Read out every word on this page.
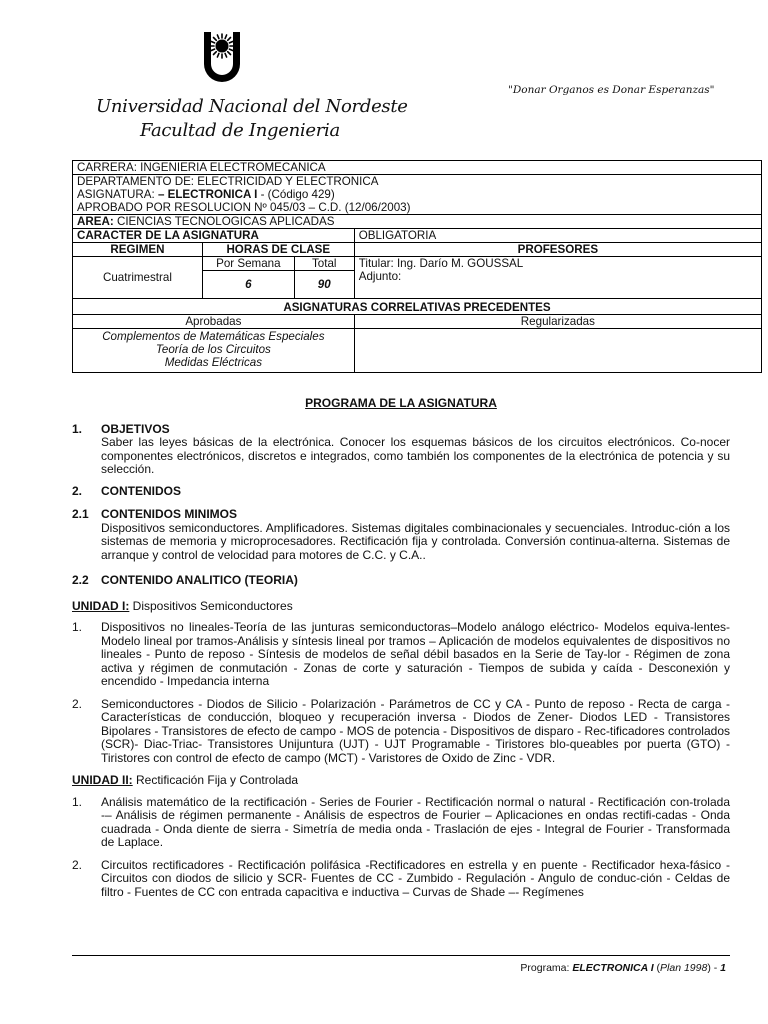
"Donar Organos es Donar Esperanzas"
Universidad Nacional del Nordeste
Facultad de Ingenieria
CARRERA: INGENIERIA ELECTROMECANICA			

DEPARTAMENTO DE: ELECTRICIDAD Y ELECTRONICA
ASIGNATURA: – ELECTRONICA I - (Código 429)
APROBADO POR RESOLUCION Nº 045/03 – C.D. (12/06/2003)			

AREA: CIENCIAS TECNOLOGICAS APLICADAS			
CARACTER DE LA ASIGNATURA			OBLIGATORIA
REGIMEN	HORAS DE CLASE		PROFESORES
Cuatrimestral	Por Semana	Total	Titular: Ing. Darío M. GOUSSAL
Adjunto:

	6	90	
ASIGNATURAS CORRELATIVAS PRECEDENTES			
Aprobadas			Regularizadas

Complementos de Matemáticas Especiales
Teoría de los Circuitos
Medidas Eléctricas			

PROGRAMA DE LA ASIGNATURA
1.	OBJETIVOS
Saber las leyes básicas de la electrónica. Conocer los esquemas básicos de los circuitos electrónicos. Co-nocer componentes electrónicos, discretos e integrados, como también los componentes de la electrónica de potencia y su selección.
2.	CONTENIDOS
2.1	CONTENIDOS MINIMOS
Dispositivos semiconductores. Amplificadores. Sistemas digitales combinacionales y secuenciales. Introduc-ción a los sistemas de memoria y microprocesadores. Rectificación fija y controlada. Conversión continua-alterna. Sistemas de arranque y control de velocidad para motores de C.C. y C.A..
2.2	CONTENIDO ANALITICO (TEORIA)
UNIDAD I: Dispositivos Semiconductores
1.	Dispositivos no lineales-Teoría de las junturas semiconductoras–Modelo análogo eléctrico- Modelos equiva-lentes-Modelo lineal por tramos-Análisis y síntesis lineal por tramos – Aplicación de modelos equivalentes de dispositivos no lineales - Punto de reposo - Síntesis de modelos de señal débil basados en la Serie de Tay-lor - Régimen de zona activa y régimen de conmutación - Zonas de corte y saturación - Tiempos de subida y caída - Desconexión y encendido - Impedancia interna
2.	Semiconductores - Diodos de Silicio - Polarización - Parámetros de CC y CA - Punto de reposo - Recta de carga - Características de conducción, bloqueo y recuperación inversa - Diodos de Zener- Diodos LED - Transistores Bipolares - Transistores de efecto de campo - MOS de potencia - Dispositivos de disparo - Rec-tificadores controlados (SCR)- Diac-Triac- Transistores Unijuntura (UJT) - UJT Programable - Tiristores blo-queables por puerta (GTO) - Tiristores con control de efecto de campo (MCT) - Varistores de Oxido de Zinc - VDR.
UNIDAD II: Rectificación Fija y Controlada
1.	Análisis matemático de la rectificación - Series de Fourier - Rectificación normal o natural - Rectificación con-trolada -– Análisis de régimen permanente - Análisis de espectros de Fourier – Aplicaciones en ondas rectifi-cadas - Onda cuadrada - Onda diente de sierra - Simetría de media onda - Traslación de ejes - Integral de Fourier - Transformada de Laplace.
2.	Circuitos rectificadores - Rectificación polifásica -Rectificadores en estrella y en puente - Rectificador hexa-fásico - Circuitos con diodos de silicio y SCR- Fuentes de CC - Zumbido - Regulación - Angulo de conduc-ción - Celdas de filtro - Fuentes de CC con entrada capacitiva e inductiva – Curvas de Shade –- Regímenes
Programa: ELECTRONICA I (Plan 1998) - 1
